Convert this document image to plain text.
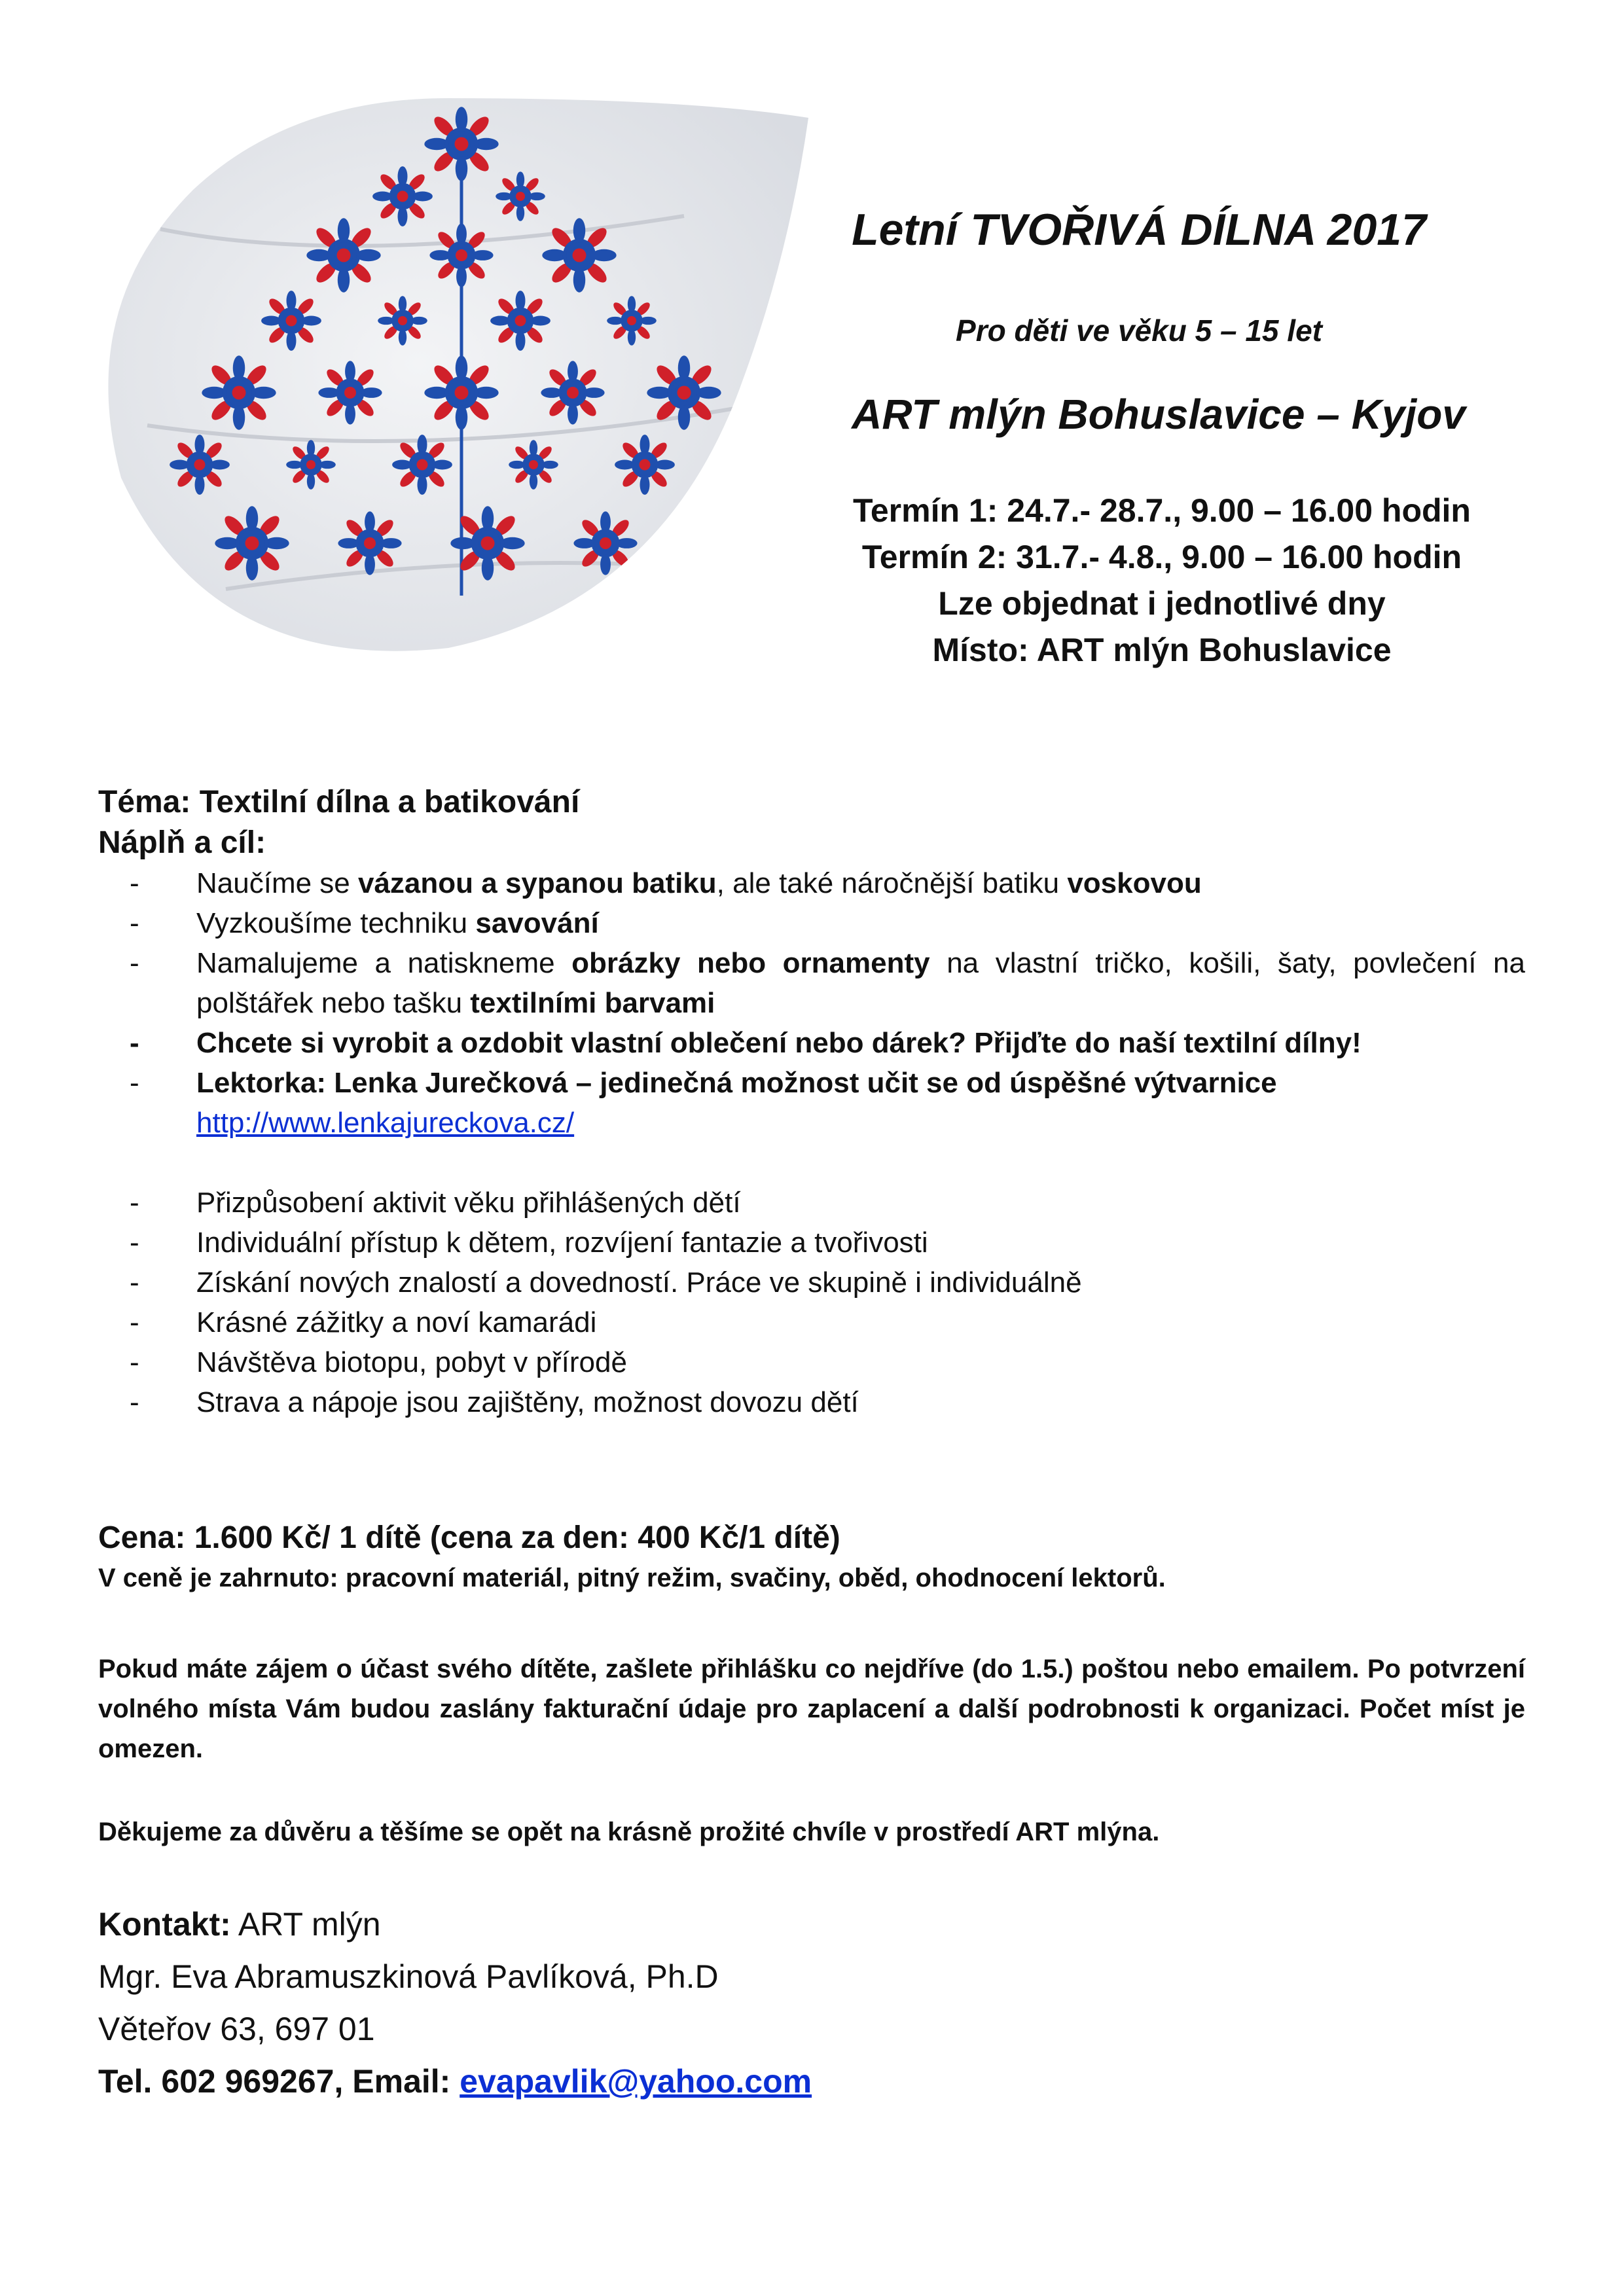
Letní TVOŘIVÁ DÍLNA 2017
Pro děti ve věku 5 – 15 let
ART mlýn Bohuslavice – Kyjov
Termín 1: 24.7.- 28.7., 9.00 – 16.00 hodin
Termín 2: 31.7.- 4.8., 9.00 – 16.00 hodin
Lze objednat i jednotlivé dny
Místo: ART mlýn Bohuslavice
Téma: Textilní dílna a batikování
Náplň a cíl:
- Naučíme se vázanou a sypanou batiku, ale také náročnější batiku voskovou
- Vyzkoušíme techniku savování
- Namalujeme a natiskneme obrázky nebo ornamenty na vlastní tričko, košili, šaty, povlečení na polštářek nebo tašku textilními barvami
- Chcete si vyrobit a ozdobit vlastní oblečení nebo dárek? Přijďte do naší textilní dílny!
- Lektorka: Lenka Jurečková – jedinečná možnost učit se od úspěšné výtvarnice
http://www.lenkajureckova.cz/
- Přizpůsobení aktivit věku přihlášených dětí
- Individuální přístup k dětem, rozvíjení fantazie a tvořivosti
- Získání nových znalostí a dovedností. Práce ve skupině i individuálně
- Krásné zážitky a noví kamarádi
- Návštěva biotopu, pobyt v přírodě
- Strava a nápoje jsou zajištěny, možnost dovozu dětí
Cena: 1.600 Kč/ 1 dítě (cena za den: 400 Kč/1 dítě)
V ceně je zahrnuto: pracovní materiál, pitný režim, svačiny, oběd, ohodnocení lektorů.
Pokud máte zájem o účast svého dítěte, zašlete přihlášku co nejdříve (do 1.5.) poštou nebo emailem. Po potvrzení volného místa Vám budou zaslány fakturační údaje pro zaplacení a další podrobnosti k organizaci. Počet míst je omezen.
Děkujeme za důvěru a těšíme se opět na krásně prožité chvíle v prostředí ART mlýna.
Kontakt: ART mlýn
Mgr. Eva Abramuszkinová Pavlíková, Ph.D
Věteřov 63, 697 01
Tel. 602 969267, Email: evapavlik@yahoo.com
